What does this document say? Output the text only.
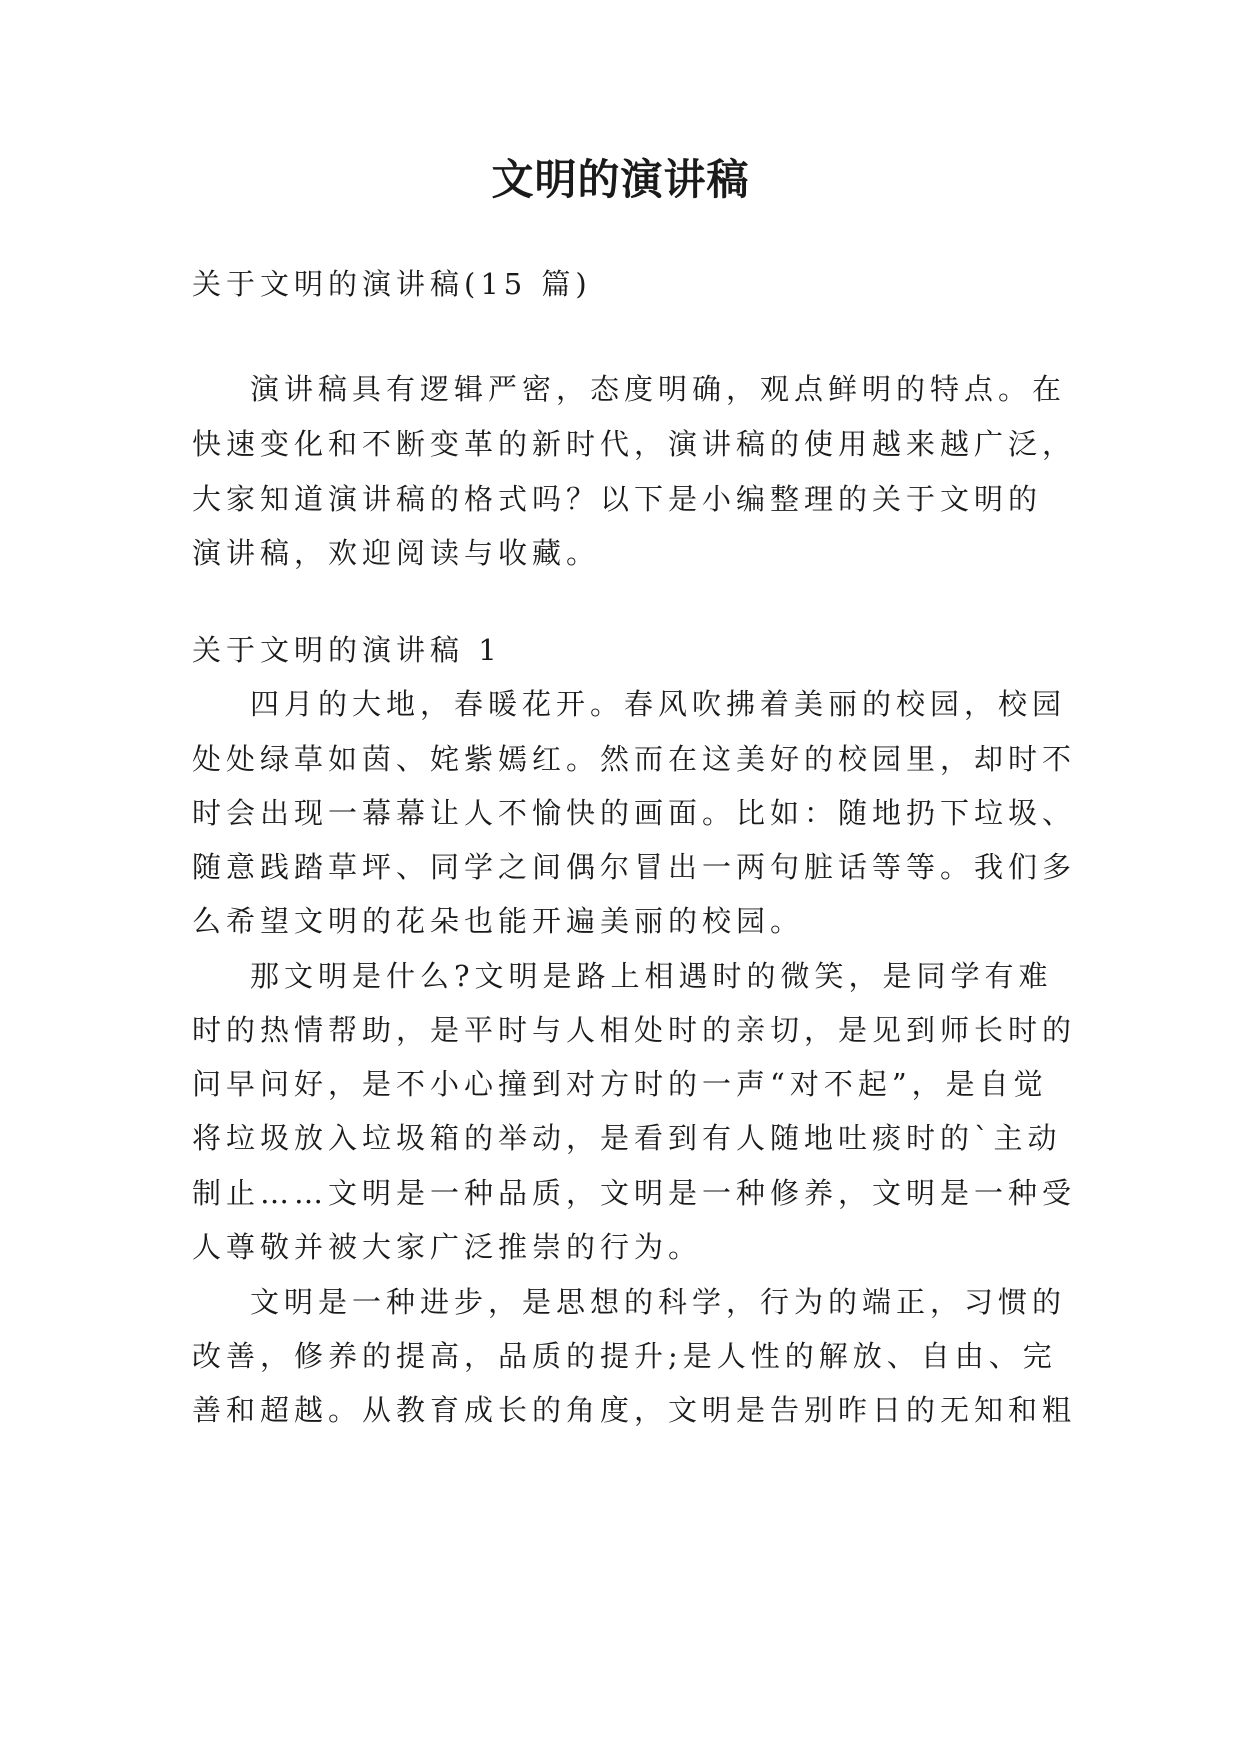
文明的演讲稿
关于文明的演讲稿(15 篇)
演讲稿具有逻辑严密，态度明确，观点鲜明的特点。在
快速变化和不断变革的新时代，演讲稿的使用越来越广泛，
大家知道演讲稿的格式吗？以下是小编整理的关于文明的
演讲稿，欢迎阅读与收藏。
关于文明的演讲稿 1
四月的大地，春暖花开。春风吹拂着美丽的校园，校园
处处绿草如茵、姹紫嫣红。然而在这美好的校园里，却时不
时会出现一幕幕让人不愉快的画面。比如：随地扔下垃圾、
随意践踏草坪、同学之间偶尔冒出一两句脏话等等。我们多
么希望文明的花朵也能开遍美丽的校园。
那文明是什么?文明是路上相遇时的微笑，是同学有难
时的热情帮助，是平时与人相处时的亲切，是见到师长时的
问早问好，是不小心撞到对方时的一声“对不起”，是自觉
将垃圾放入垃圾箱的举动，是看到有人随地吐痰时的`主动
制止……文明是一种品质，文明是一种修养，文明是一种受
人尊敬并被大家广泛推崇的行为。
文明是一种进步，是思想的科学，行为的端正，习惯的
改善，修养的提高，品质的提升;是人性的解放、自由、完
善和超越。从教育成长的角度，文明是告别昨日的无知和粗
